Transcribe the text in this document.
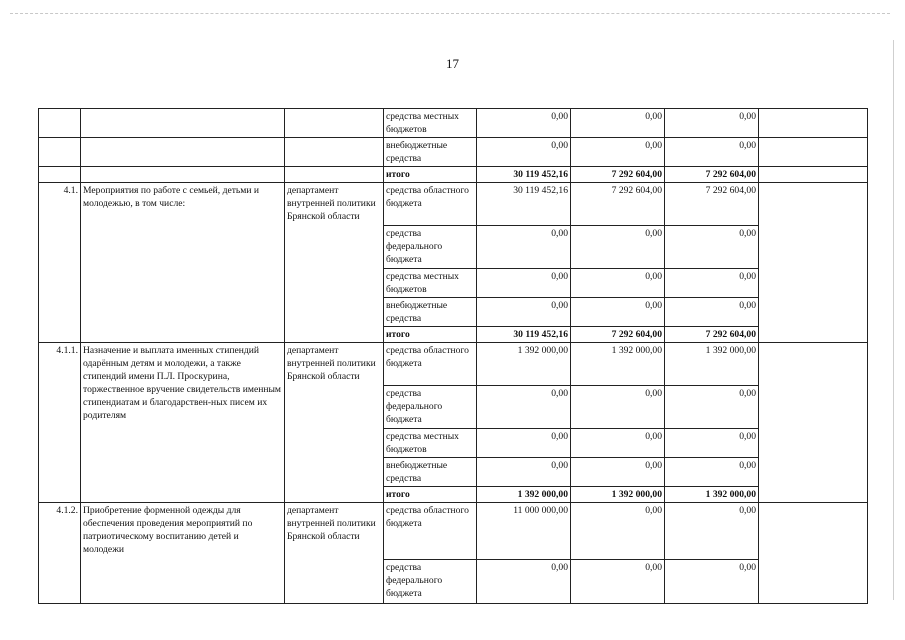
17
			средства местных бюджетов	0,00	0,00	0,00	
			внебюджетные средства	0,00	0,00	0,00	
			итого	30 119 452,16	7 292 604,00	7 292 604,00	
4.1.	Мероприятия по работе с семьей, детьми и молодежью, в том числе:	департамент внутренней политики Брянской области	средства областного бюджета	30 119 452,16	7 292 604,00	7 292 604,00	
			средства федерального бюджета	0,00	0,00	0,00	
			средства местных бюджетов	0,00	0,00	0,00	
			внебюджетные средства	0,00	0,00	0,00	
			итого	30 119 452,16	7 292 604,00	7 292 604,00	
4.1.1.	Назначение и выплата именных стипендий одарённым детям и молодежи, а также стипендий имени П.Л. Проскурина, торжественное вручение свидетельств именным стипендиатам и благодарствен-ных писем их родителям	департамент внутренней политики Брянской области	средства областного бюджета	1 392 000,00	1 392 000,00	1 392 000,00	
			средства федерального бюджета	0,00	0,00	0,00	
			средства местных бюджетов	0,00	0,00	0,00	
			внебюджетные средства	0,00	0,00	0,00	
			итого	1 392 000,00	1 392 000,00	1 392 000,00	
4.1.2.	Приобретение форменной одежды для обеспечения проведения мероприятий по патриотическому воспитанию детей и молодежи	департамент внутренней политики Брянской области	средства областного бюджета	11 000 000,00	0,00	0,00	
			средства федерального бюджета	0,00	0,00	0,00	
